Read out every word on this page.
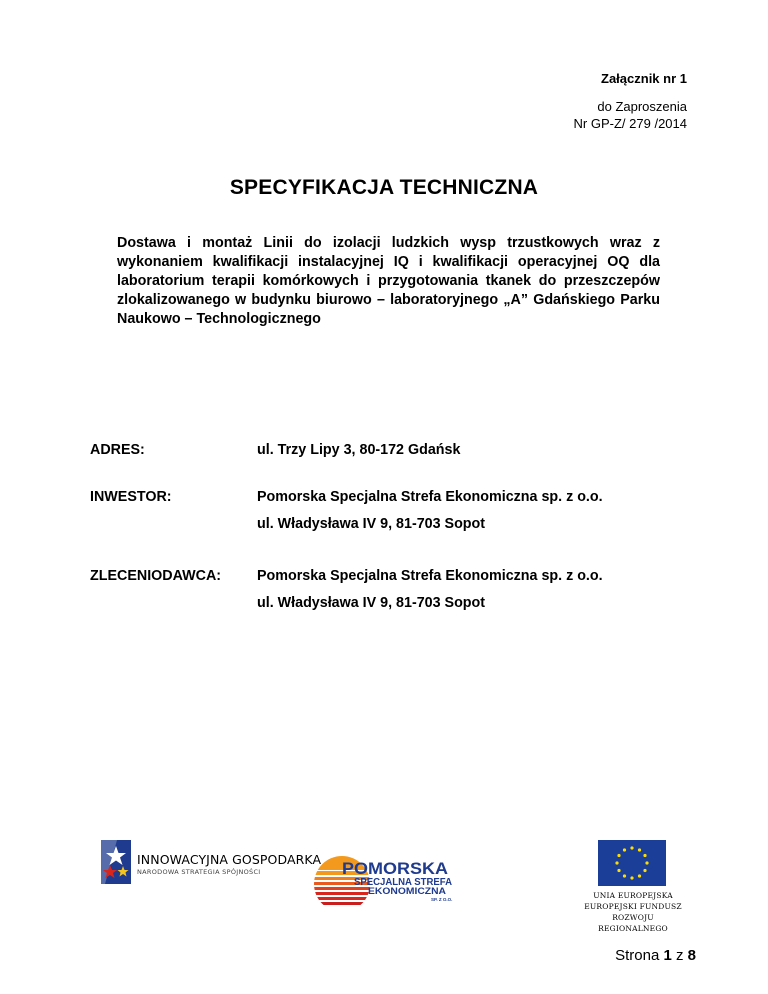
Załącznik nr 1
do Zaproszenia
Nr GP-Z/ 279 /2014
SPECYFIKACJA TECHNICZNA
Dostawa i montaż Linii do izolacji ludzkich wysp trzustkowych wraz z wykonaniem kwalifikacji instalacyjnej IQ i kwalifikacji operacyjnej OQ dla laboratorium terapii komórkowych i przygotowania tkanek do przeszczepów zlokalizowanego w budynku biurowo – laboratoryjnego „A” Gdańskiego Parku Naukowo – Technologicznego
ADRES:	ul. Trzy Lipy 3, 80-172 Gdańsk
INWESTOR:	Pomorska Specjalna Strefa Ekonomiczna sp. z o.o.
ul. Władysława IV 9, 81-703 Sopot
ZLECENIODAWCA:	Pomorska Specjalna Strefa Ekonomiczna sp. z o.o.
ul. Władysława IV 9, 81-703 Sopot
INNOWACYJNA GOSPODARKA
NARODOWA STRATEGIA SPÓJNOŚCI	POMORSKA
SPECJALNA STREFA
EKONOMICZNA
SP. Z O.O.	UNIA EUROPEJSKA
EUROPEJSKI FUNDUSZ
ROZWOJU REGIONALNEGO
Strona 1 z 8
